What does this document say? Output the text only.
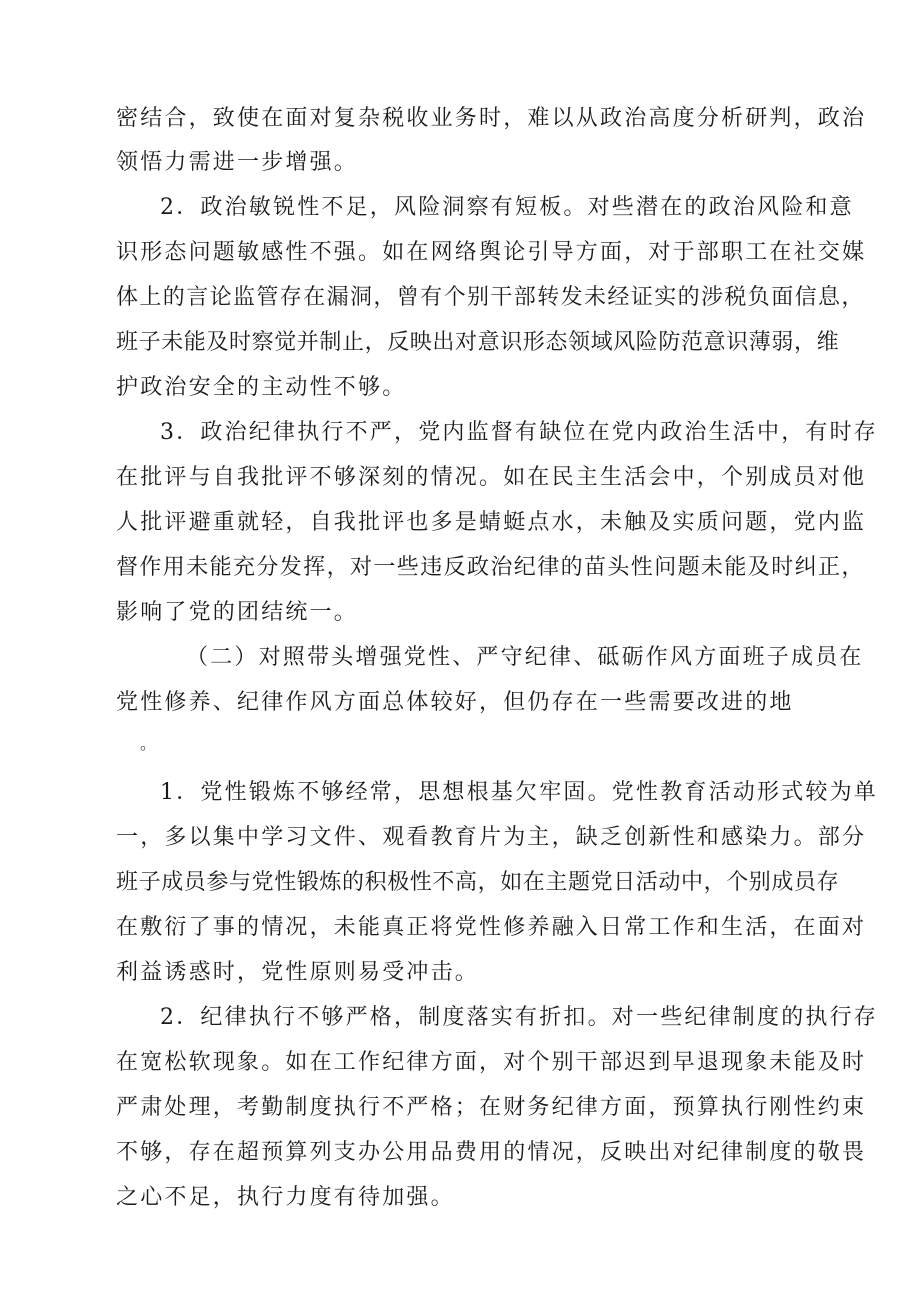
密结合，致使在面对复杂税收业务时，难以从政治高度分析研判，政治
领悟力需进一步增强。
2．政治敏锐性不足，风险洞察有短板。对些潜在的政治风险和意
识形态问题敏感性不强。如在网络舆论引导方面，对于部职工在社交媒
体上的言论监管存在漏洞，曾有个别干部转发未经证实的涉税负面信息，
班子未能及时察觉并制止，反映出对意识形态领域风险防范意识薄弱，维
护政治安全的主动性不够。
3．政治纪律执行不严，党内监督有缺位在党内政治生活中，有时存
在批评与自我批评不够深刻的情况。如在民主生活会中，个别成员对他
人批评避重就轻，自我批评也多是蜻蜓点水，未触及实质问题，党内监
督作用未能充分发挥，对一些违反政治纪律的苗头性问题未能及时纠正，
影响了党的团结统一。
（二）对照带头增强党性、严守纪律、砥砺作风方面班子成员在
党性修养、纪律作风方面总体较好，但仍存在一些需要改进的地
。
1．党性锻炼不够经常，思想根基欠牢固。党性教育活动形式较为单
一，多以集中学习文件、观看教育片为主，缺乏创新性和感染力。部分
班子成员参与党性锻炼的积极性不高，如在主题党日活动中，个别成员存
在敷衍了事的情况，未能真正将党性修养融入日常工作和生活，在面对
利益诱惑时，党性原则易受冲击。
2．纪律执行不够严格，制度落实有折扣。对一些纪律制度的执行存
在宽松软现象。如在工作纪律方面，对个别干部迟到早退现象未能及时
严肃处理，考勤制度执行不严格；在财务纪律方面，预算执行刚性约束
不够，存在超预算列支办公用品费用的情况，反映出对纪律制度的敬畏
之心不足，执行力度有待加强。
